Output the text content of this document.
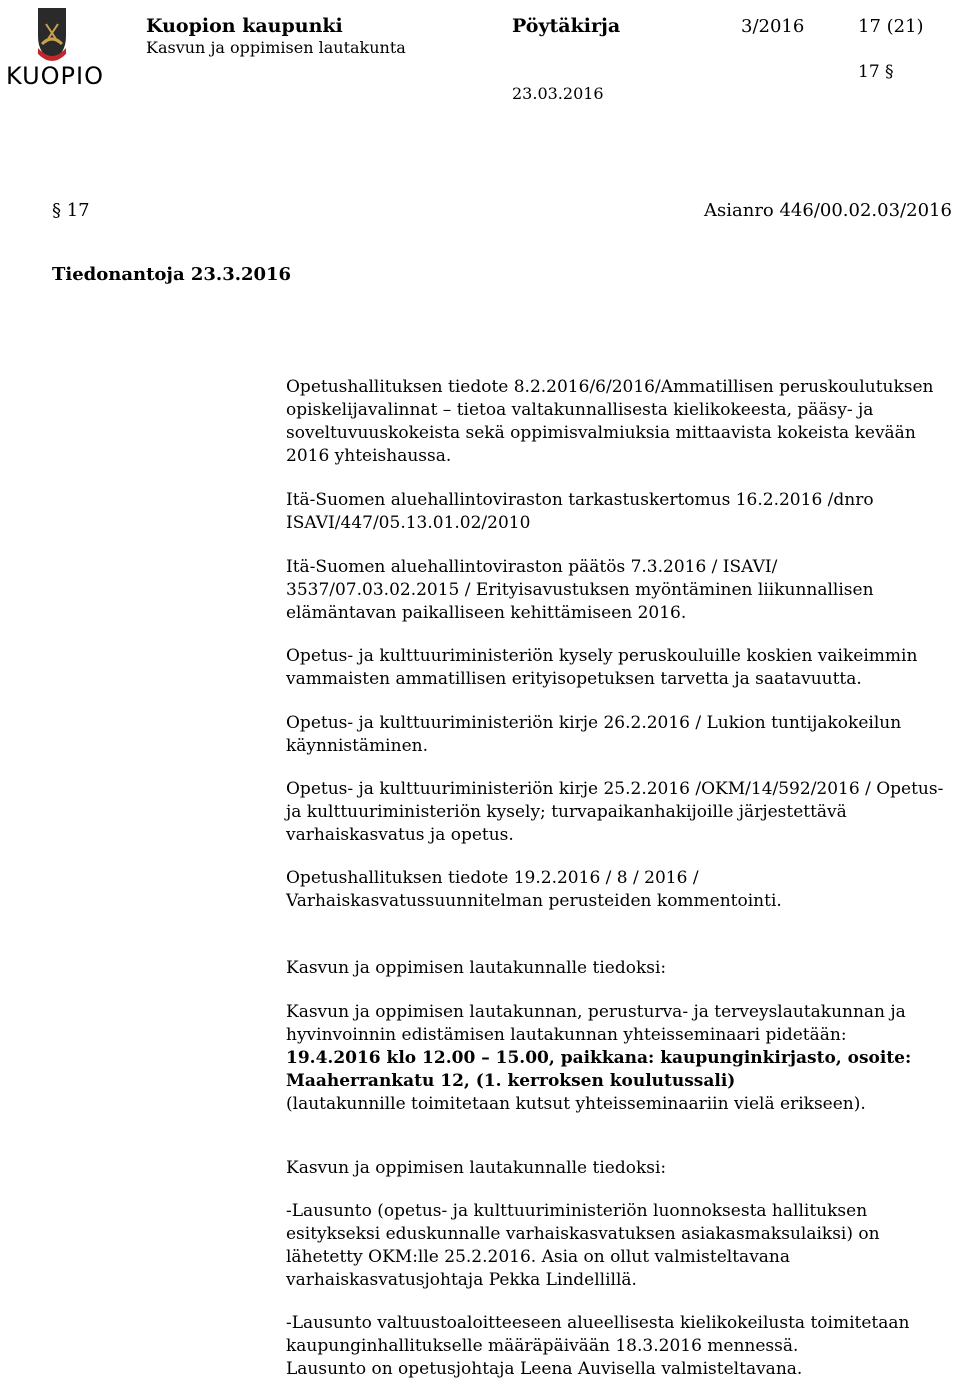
KUOPIO
Kuopion kaupunki
Kasvun ja oppimisen lautakunta
Pöytäkirja	3/2016	17 (21)
17 §
23.03.2016
§ 17	Asianro 446/00.02.03/2016
Tiedonantoja 23.3.2016

Opetushallituksen tiedote 8.2.2016/6/2016/Ammatillisen peruskoulutuksen opiskelijavalinnat – tietoa valtakunnallisesta kielikokeesta, pääsy- ja soveltuvuuskokeista sekä oppimisvalmiuksia mittaavista kokeista kevään 2016 yhteishaussa.

Itä-Suomen aluehallintoviraston tarkastuskertomus 16.2.2016 /dnro ISAVI/447/05.13.01.02/2010

Itä-Suomen aluehallintoviraston päätös 7.3.2016 / ISAVI/ 3537/07.03.02.2015 / Erityisavustuksen myöntäminen liikunnallisen elämäntavan paikalliseen kehittämiseen 2016.

Opetus- ja kulttuuriministeriön kysely peruskouluille koskien vaikeimmin vammaisten ammatillisen erityisopetuksen tarvetta ja saatavuutta.

Opetus- ja kulttuuriministeriön kirje 26.2.2016 / Lukion tuntijakokeilun käynnistäminen.

Opetus- ja kulttuuriministeriön kirje 25.2.2016 /OKM/14/592/2016 / Opetus- ja kulttuuriministeriön kysely; turvapaikanhakijoille järjestettävä varhaiskasvatus ja opetus.

Opetushallituksen tiedote 19.2.2016 / 8 / 2016 / Varhaiskasvatussuunnitelman perusteiden kommentointi.

Kasvun ja oppimisen lautakunnalle tiedoksi:

Kasvun ja oppimisen lautakunnan, perusturva- ja terveyslautakunnan ja hyvinvoinnin edistämisen lautakunnan yhteisseminaari pidetään:
19.4.2016 klo 12.00 – 15.00, paikkana: kaupunginkirjasto, osoite: Maaherrankatu 12, (1. kerroksen koulutussali)
(lautakunnille toimitetaan kutsut yhteisseminaariin vielä erikseen).

Kasvun ja oppimisen lautakunnalle tiedoksi:

-Lausunto (opetus- ja kulttuuriministeriön luonnoksesta hallituksen esitykseksi eduskunnalle varhaiskasvatuksen asiakasmaksulaiksi) on lähetetty OKM:lle 25.2.2016. Asia on ollut valmisteltavana varhaiskasvatusjohtaja Pekka Lindellillä.

-Lausunto valtuustoaloitteeseen alueellisesta kielikokeilusta toimitetaan kaupunginhallitukselle määräpäivään 18.3.2016 mennessä.
Lausunto on opetusjohtaja Leena Auvisella valmisteltavana.
